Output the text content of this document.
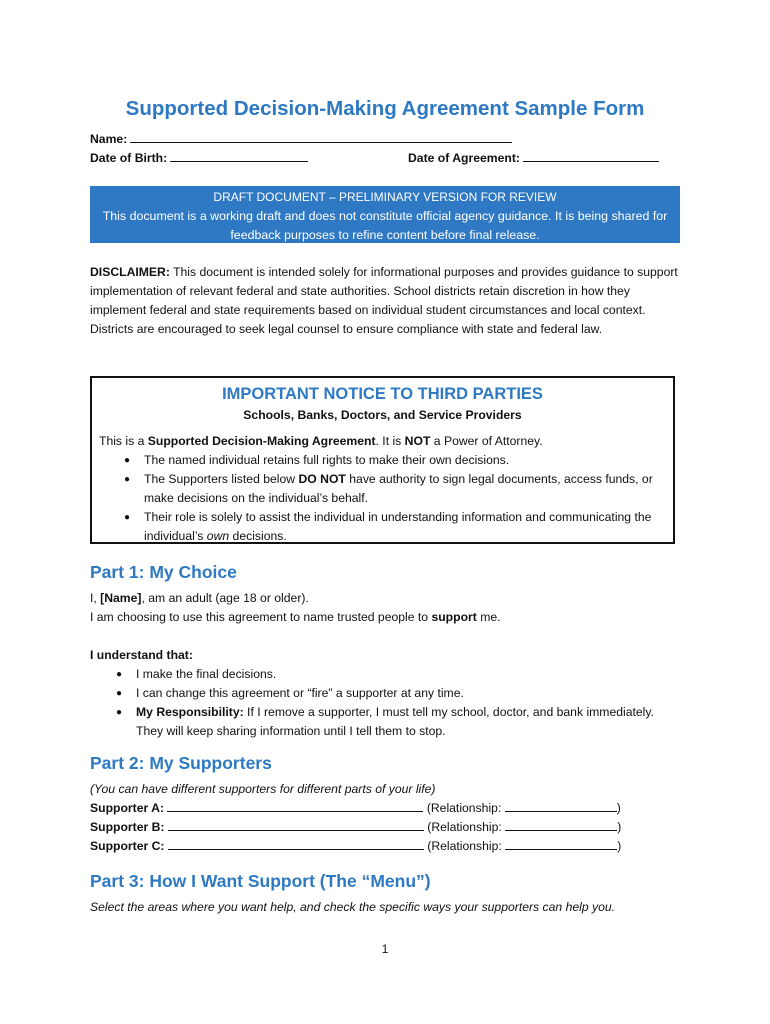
Supported Decision-Making Agreement Sample Form
Name:
Date of Birth:	Date of Agreement:
DRAFT DOCUMENT – PRELIMINARY VERSION FOR REVIEW
This document is a working draft and does not constitute official agency guidance. It is being shared for feedback purposes to refine content before final release.
DISCLAIMER: This document is intended solely for informational purposes and provides guidance to support implementation of relevant federal and state authorities. School districts retain discretion in how they implement federal and state requirements based on individual student circumstances and local context. Districts are encouraged to seek legal counsel to ensure compliance with state and federal law.
IMPORTANT NOTICE TO THIRD PARTIES
Schools, Banks, Doctors, and Service Providers
This is a Supported Decision-Making Agreement. It is NOT a Power of Attorney.
● The named individual retains full rights to make their own decisions.
● The Supporters listed below DO NOT have authority to sign legal documents, access funds, or make decisions on the individual’s behalf.
● Their role is solely to assist the individual in understanding information and communicating the individual’s own decisions.
Part 1: My Choice
I, [Name], am an adult (age 18 or older).
I am choosing to use this agreement to name trusted people to support me.
I understand that:
● I make the final decisions.
● I can change this agreement or “fire” a supporter at any time.
● My Responsibility: If I remove a supporter, I must tell my school, doctor, and bank immediately. They will keep sharing information until I tell them to stop.
Part 2: My Supporters
(You can have different supporters for different parts of your life)
Supporter A:	(Relationship:	)
Supporter B:	(Relationship:	)
Supporter C:	(Relationship:	)
Part 3: How I Want Support (The “Menu”)
Select the areas where you want help, and check the specific ways your supporters can help you.
1
